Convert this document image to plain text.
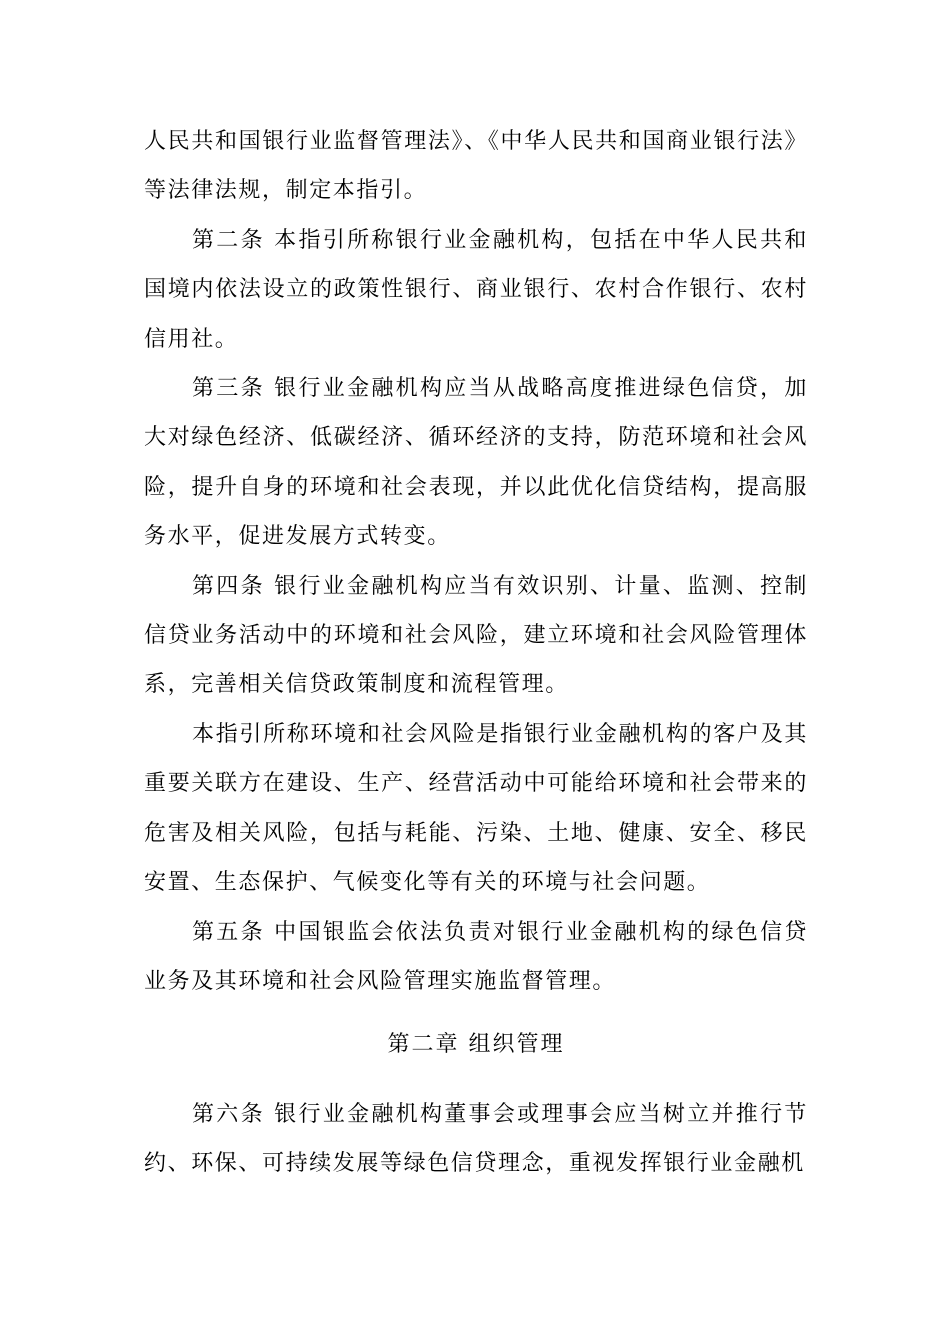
人民共和国银行业监督管理法》、《中华人民共和国商业银行法》等法律法规，制定本指引。

第二条 本指引所称银行业金融机构，包括在中华人民共和国境内依法设立的政策性银行、商业银行、农村合作银行、农村信用社。

第三条 银行业金融机构应当从战略高度推进绿色信贷，加大对绿色经济、低碳经济、循环经济的支持，防范环境和社会风险，提升自身的环境和社会表现，并以此优化信贷结构，提高服务水平，促进发展方式转变。

第四条 银行业金融机构应当有效识别、计量、监测、控制信贷业务活动中的环境和社会风险，建立环境和社会风险管理体系，完善相关信贷政策制度和流程管理。

本指引所称环境和社会风险是指银行业金融机构的客户及其重要关联方在建设、生产、经营活动中可能给环境和社会带来的危害及相关风险，包括与耗能、污染、土地、健康、安全、移民安置、生态保护、气候变化等有关的环境与社会问题。

第五条 中国银监会依法负责对银行业金融机构的绿色信贷业务及其环境和社会风险管理实施监督管理。

第二章 组织管理

第六条 银行业金融机构董事会或理事会应当树立并推行节约、环保、可持续发展等绿色信贷理念，重视发挥银行业金融机
